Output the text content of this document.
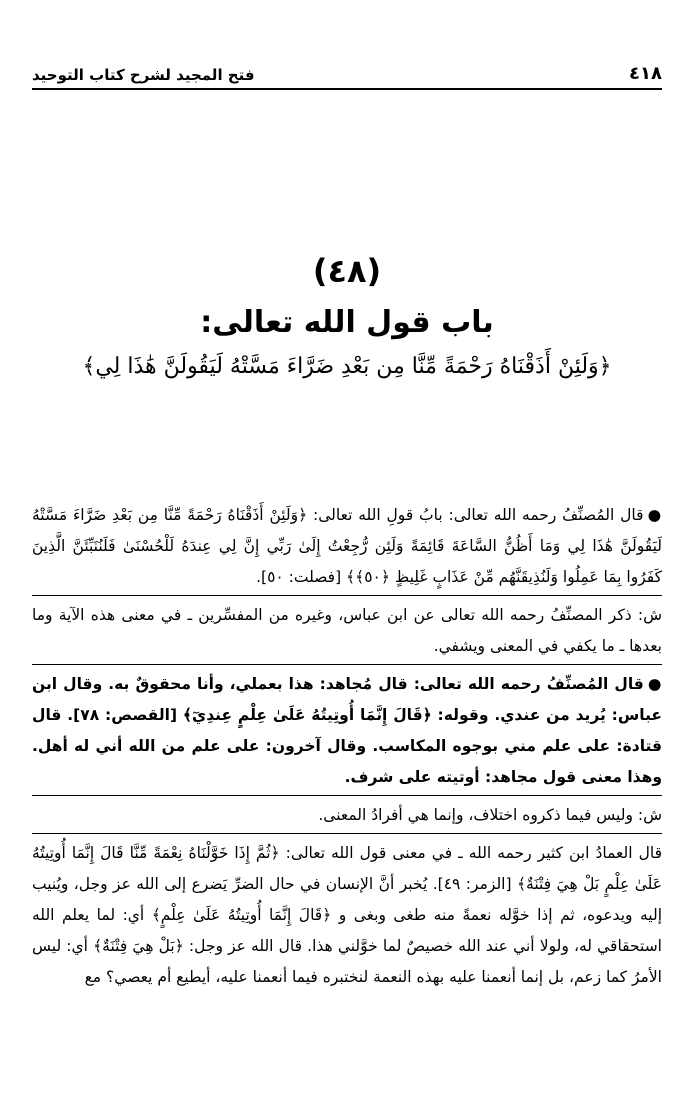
٤١٨
فتح المجيد لشرح كتاب التوحيد
(٤٨)
باب قول الله تعالى:
﴿وَلَئِنْ أَذَقْنَاهُ رَحْمَةً مِّنَّا مِن بَعْدِ ضَرَّاءَ مَسَّتْهُ لَيَقُولَنَّ هَٰذَا لِي﴾

●قال المُصنِّفُ رحمه الله تعالى: بابُ قولِ الله تعالى: ﴿وَلَئِنْ أَذَقْنَاهُ رَحْمَةً مِّنَّا مِن بَعْدِ ضَرَّاءَ مَسَّتْهُ لَيَقُولَنَّ هَٰذَا لِي وَمَا أَظُنُّ السَّاعَةَ قَائِمَةً وَلَئِن رُّجِعْتُ إِلَىٰ رَبِّي إِنَّ لِي عِندَهُ لَلْحُسْنَىٰ فَلَنُنَبِّئَنَّ الَّذِينَ كَفَرُوا بِمَا عَمِلُوا وَلَنُذِيقَنَّهُم مِّنْ عَذَابٍ غَلِيظٍ ﴿٥٠﴾﴾ [فصلت: ٥٠].

ش: ذكر المصنِّفُ رحمه الله تعالى عن ابن عباس، وغيره من المفسِّرين ـ في معنى هذه الآية وما بعدها ـ ما يكفي في المعنى ويشفي.

●قال المُصنِّفُ رحمه الله تعالى: قال مُجاهد: هذا بعملي، وأنا محقوقٌ به. وقال ابن عباس: يُريد من عندي. وقوله: ﴿قَالَ إِنَّمَا أُوتِيتُهُ عَلَىٰ عِلْمٍ عِندِيٓ﴾ [القصص: ٧٨]. قال قتادة: على علم مني بوجوه المكاسب. وقال آخرون: على علم من الله أني له أهل. وهذا معنى قول مجاهد: أوتيته على شرف.

ش: وليس فيما ذكروه اختلاف، وإنما هي أفرادُ المعنى.

قال العمادُ ابن كثير رحمه الله ـ في معنى قول الله تعالى: ﴿ثُمَّ إِذَا خَوَّلْنَاهُ نِعْمَةً مِّنَّا قَالَ إِنَّمَا أُوتِيتُهُ عَلَىٰ عِلْمٍ بَلْ هِيَ فِتْنَةٌ﴾ [الزمر: ٤٩]. يُخبر أنَّ الإنسان في حال الضرِّ يَضرع إلى الله عز وجل، ويُنيب إليه ويدعوه، ثم إذا خوَّله نعمةً منه طغى وبغى و ﴿قَالَ إِنَّمَا أُوتِيتُهُ عَلَىٰ عِلْمٍ﴾ أي: لما يعلم الله استحقاقي له، ولولا أني عند الله خصيصٌ لما خوَّلني هذا. قال الله عز وجل: ﴿بَلْ هِيَ فِتْنَةٌ﴾ أي: ليس الأمرُ كما زعم، بل إنما أنعمنا عليه بهذه النعمة لنختبره فيما أنعمنا عليه، أيطيع أم يعصي؟ مع
